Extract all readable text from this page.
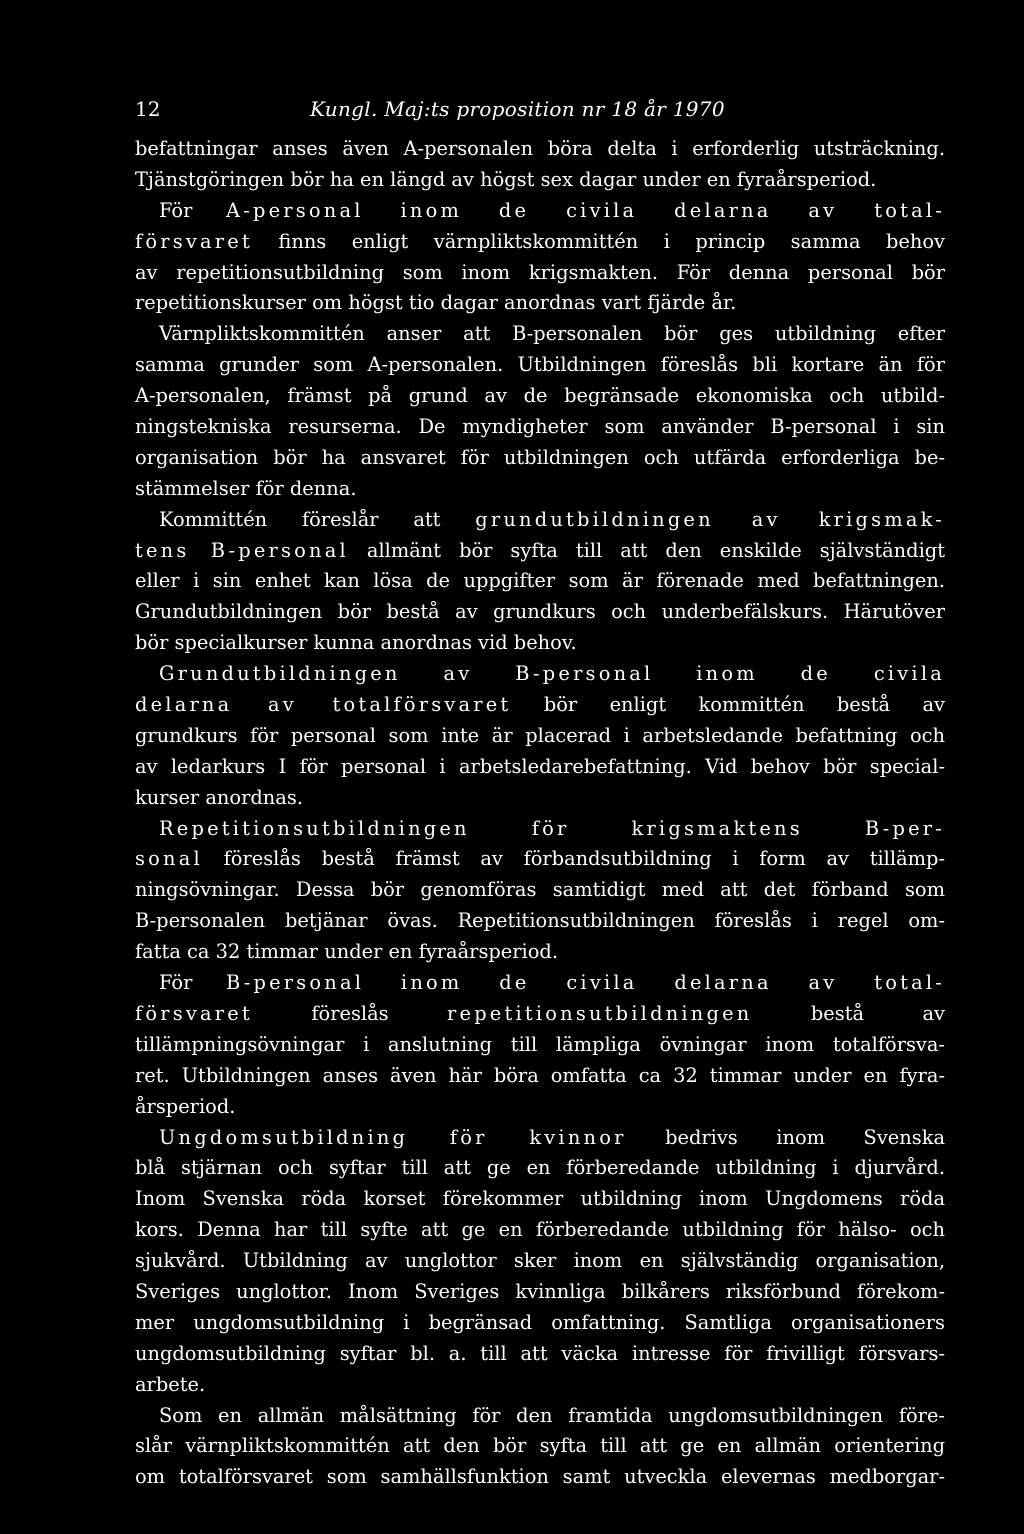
12	Kungl. Maj:ts proposition nr 18 år 1970
befattningar anses även A-personalen böra delta i erforderlig utsträckning.
Tjänstgöringen bör ha en längd av högst sex dagar under en fyraårsperiod.
För A-personal inom de civila delarna av total-
försvaret finns enligt värnpliktskommittén i princip samma behov
av repetitionsutbildning som inom krigsmakten. För denna personal bör
repetitionskurser om högst tio dagar anordnas vart fjärde år.
Värnpliktskommittén anser att B-personalen bör ges utbildning efter
samma grunder som A-personalen. Utbildningen föreslås bli kortare än för
A-personalen, främst på grund av de begränsade ekonomiska och utbild-
ningstekniska resurserna. De myndigheter som använder B-personal i sin
organisation bör ha ansvaret för utbildningen och utfärda erforderliga be-
stämmelser för denna.
Kommittén föreslår att grundutbildningen av krigsmak-
tens B-personal allmänt bör syfta till att den enskilde självständigt
eller i sin enhet kan lösa de uppgifter som är förenade med befattningen.
Grundutbildningen bör bestå av grundkurs och underbefälskurs. Härutöver
bör specialkurser kunna anordnas vid behov.
Grundutbildningen av B-personal inom de civila
delarna av totalförsvaret bör enligt kommittén bestå av
grundkurs för personal som inte är placerad i arbetsledande befattning och
av ledarkurs I för personal i arbetsledarebefattning. Vid behov bör special-
kurser anordnas.
Repetitionsutbildningen för krigsmaktens B-per-
sonal föreslås bestå främst av förbandsutbildning i form av tillämp-
ningsövningar. Dessa bör genomföras samtidigt med att det förband som
B-personalen betjänar övas. Repetitionsutbildningen föreslås i regel om-
fatta ca 32 timmar under en fyraårsperiod.
För B-personal inom de civila delarna av total-
försvaret föreslås repetitionsutbildningen bestå av
tillämpningsövningar i anslutning till lämpliga övningar inom totalförsva-
ret. Utbildningen anses även här böra omfatta ca 32 timmar under en fyra-
årsperiod.
Ungdomsutbildning för kvinnor bedrivs inom Svenska
blå stjärnan och syftar till att ge en förberedande utbildning i djurvård.
Inom Svenska röda korset förekommer utbildning inom Ungdomens röda
kors. Denna har till syfte att ge en förberedande utbildning för hälso- och
sjukvård. Utbildning av unglottor sker inom en självständig organisation,
Sveriges unglottor. Inom Sveriges kvinnliga bilkårers riksförbund förekom-
mer ungdomsutbildning i begränsad omfattning. Samtliga organisationers
ungdomsutbildning syftar bl. a. till att väcka intresse för frivilligt försvars-
arbete.
Som en allmän målsättning för den framtida ungdomsutbildningen före-
slår värnpliktskommittén att den bör syfta till att ge en allmän orientering
om totalförsvaret som samhällsfunktion samt utveckla elevernas medborgar-
